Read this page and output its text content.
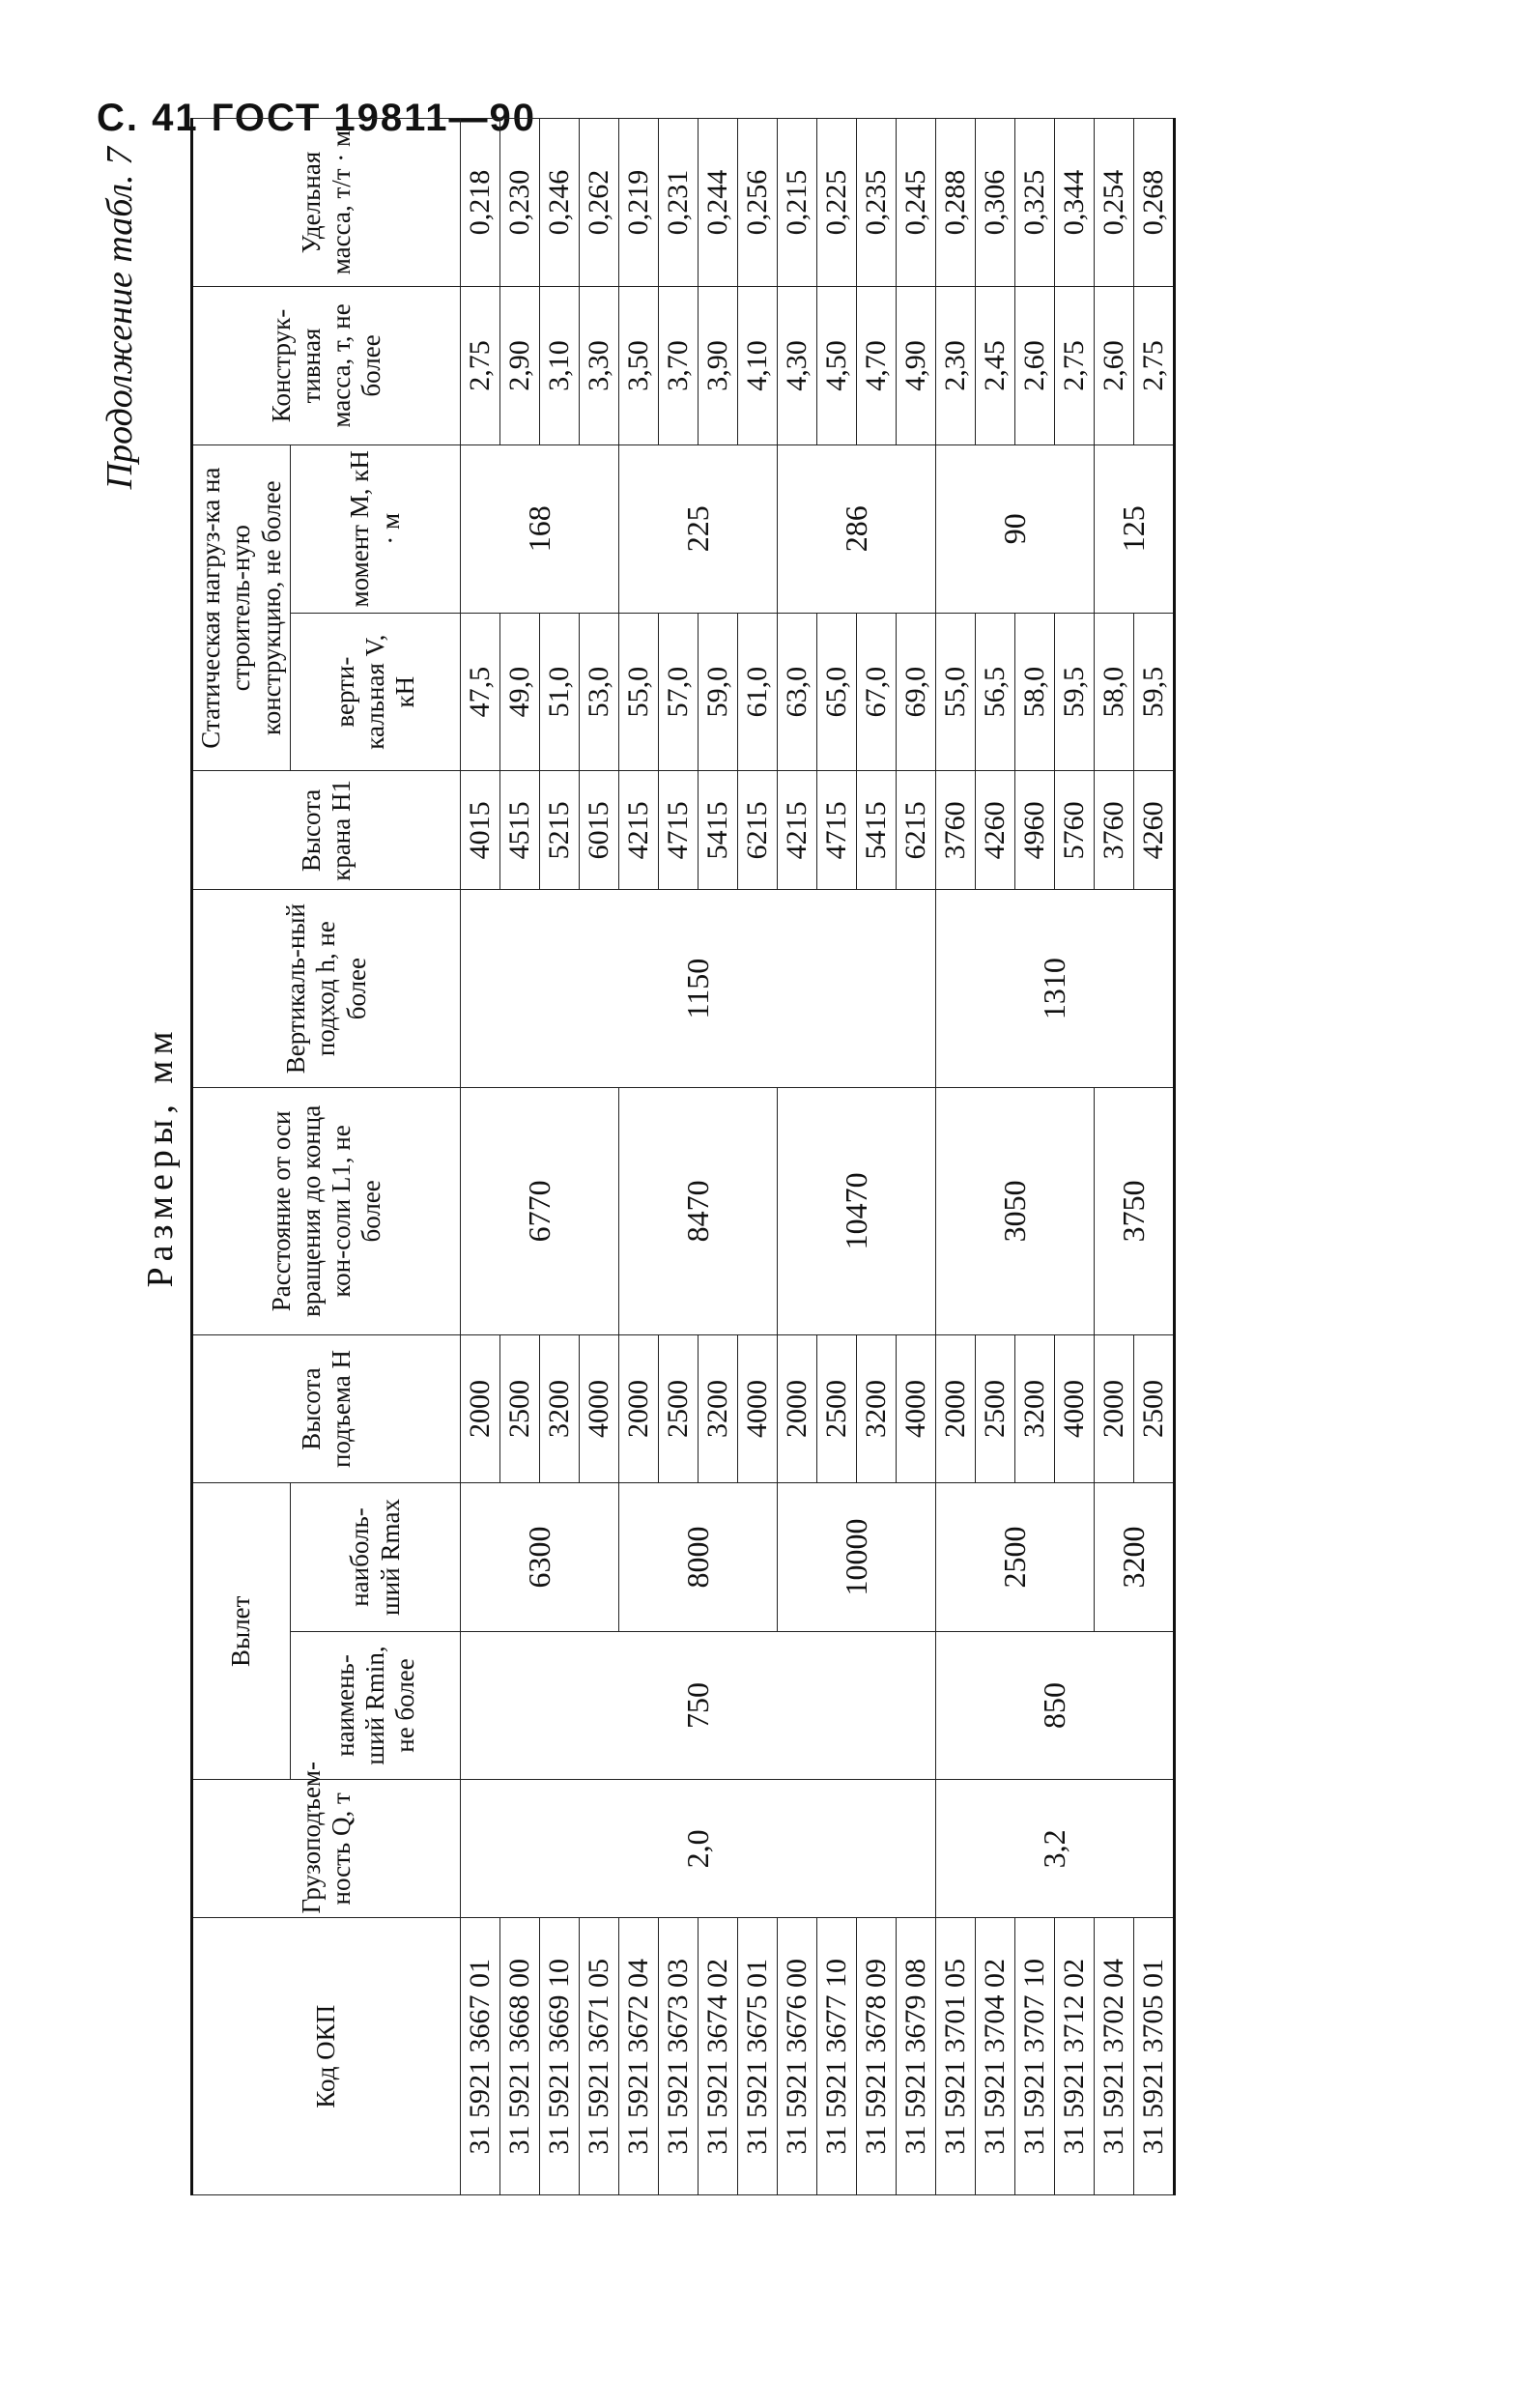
С. 41 ГОСТ 19811—90
Продолжение табл. 7
Размеры, мм
Код ОКП	Грузоподъем-ность Q, т	Вылет		Высота подъема H	Расстояние от оси вращения до конца кон-соли L1, не более	Вертикаль-ный подход h, не более	Высота крана H1	Статическая нагруз-ка на строитель-ную конструкцию, не более		Конструк-тивная масса, т, не более	Удельная масса, т/т · м
		наимень-ший Rmin, не более	наиболь-ший Rmax					верти-кальная V, кН	момент M, кН · м		
31 5921 3667 01	2,0	750	6300	2000	6770	1150	4015	47,5	168	2,75	0,218
31 5921 3668 00				2500			4515	49,0		2,90	0,230
31 5921 3669 10				3200			5215	51,0		3,10	0,246
31 5921 3671 05				4000			6015	53,0		3,30	0,262
31 5921 3672 04			8000	2000	8470		4215	55,0	225	3,50	0,219
31 5921 3673 03				2500			4715	57,0		3,70	0,231
31 5921 3674 02				3200			5415	59,0		3,90	0,244
31 5921 3675 01				4000			6215	61,0		4,10	0,256
31 5921 3676 00			10000	2000	10470		4215	63,0	286	4,30	0,215
31 5921 3677 10				2500			4715	65,0		4,50	0,225
31 5921 3678 09				3200			5415	67,0		4,70	0,235
31 5921 3679 08				4000			6215	69,0		4,90	0,245
31 5921 3701 05	3,2	850	2500	2000	3050	1310	3760	55,0	90	2,30	0,288
31 5921 3704 02				2500			4260	56,5		2,45	0,306
31 5921 3707 10				3200			4960	58,0		2,60	0,325
31 5921 3712 02				4000			5760	59,5		2,75	0,344
31 5921 3702 04			3200	2000	3750		3760	58,0	125	2,60	0,254
31 5921 3705 01				2500			4260	59,5		2,75	0,268
